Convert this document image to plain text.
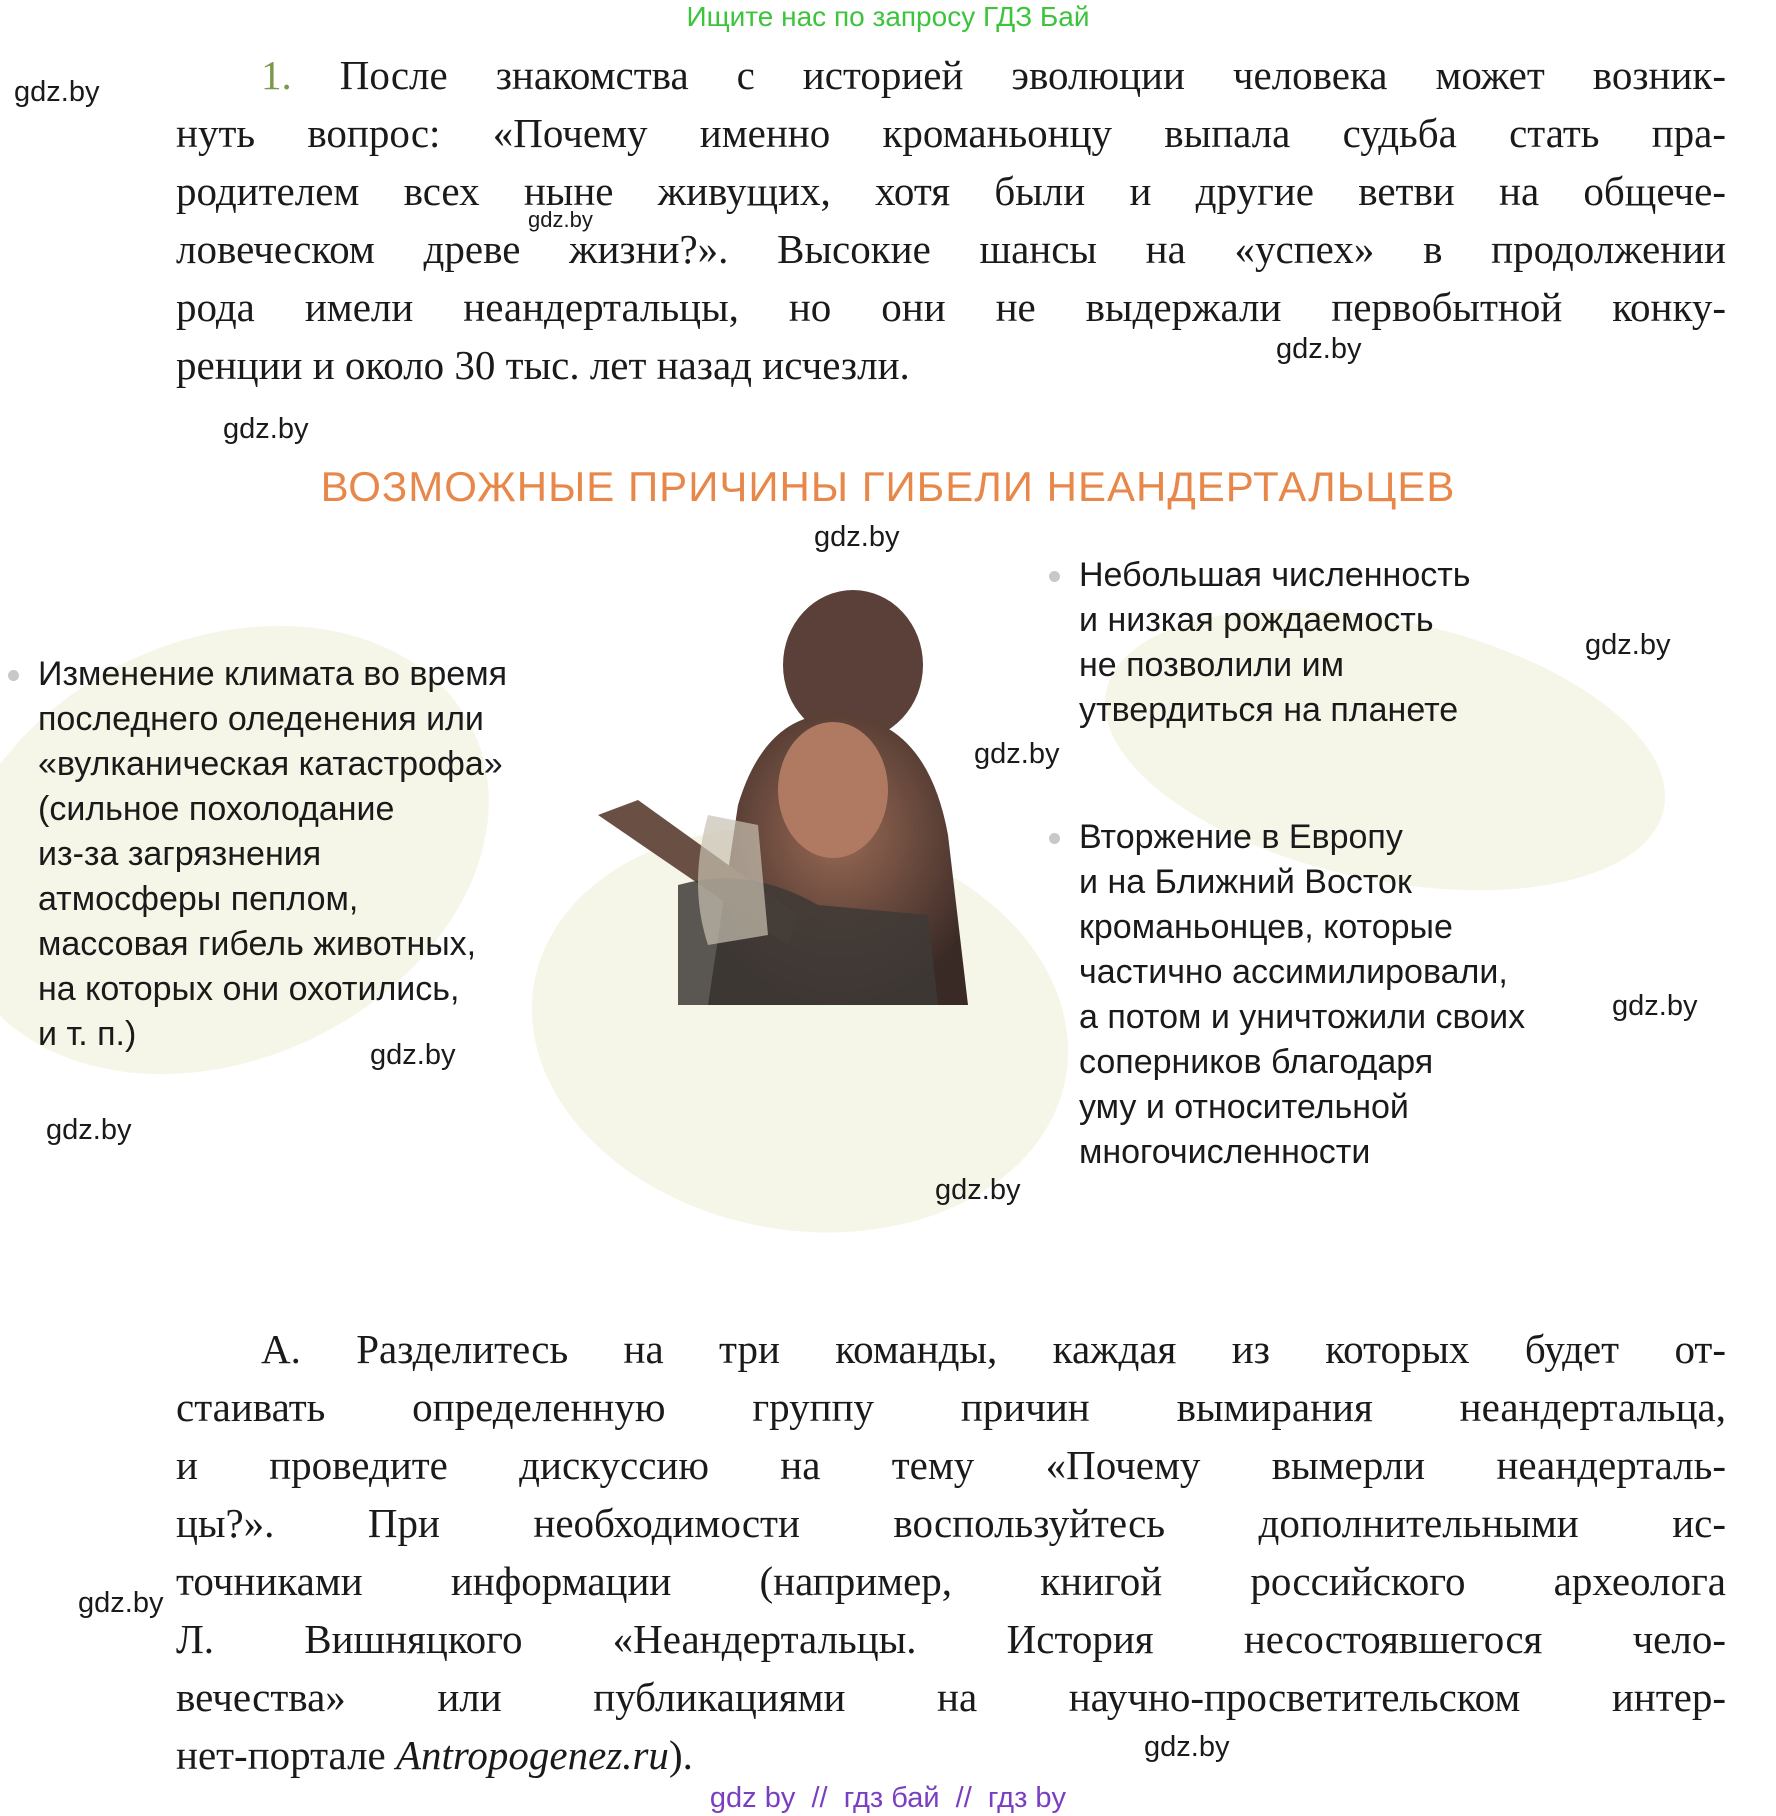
Ищите нас по запросу ГДЗ Бай
1. После знакомства с историей эволюции человека может возник-
нуть вопрос: «Почему именно кроманьонцу выпала судьба стать пра-
родителем всех ныне живущих, хотя были и другие ветви на общече-
ловеческом древе жизни?». Высокие шансы на «успех» в продолжении
рода имели неандертальцы, но они не выдержали первобытной конку-
ренции и около 30 тыс. лет назад исчезли.
ВОЗМОЖНЫЕ ПРИЧИНЫ ГИБЕЛИ НЕАНДЕРТАЛЬЦЕВ
Изменение климата во время
последнего оледенения или
«вулканическая катастрофа»
(сильное похолодание
из-за загрязнения
атмосферы пеплом,
массовая гибель животных,
на которых они охотились,
и т. п.)
Небольшая численность
и низкая рождаемость
не позволили им
утвердиться на планете
Вторжение в Европу
и на Ближний Восток
кроманьонцев, которые
частично ассимилировали,
а потом и уничтожили своих
соперников благодаря
уму и относительной
многочисленности
А. Разделитесь на три команды, каждая из которых будет от-
стаивать определенную группу причин вымирания неандертальца,
и проведите дискуссию на тему «Почему вымерли неандерталь-
цы?». При необходимости воспользуйтесь дополнительными ис-
точниками информации (например, книгой российского археолога
Л. Вишняцкого «Неандертальцы. История несостоявшегося чело-
вечества» или публикациями на научно-просветительском интер-
нет-портале Antropogenez.ru).
gdz.by
gdz.by
gdz.by
gdz.by
gdz.by
gdz.by
gdz.by
gdz.by
gdz.by
gdz.by
gdz.by
gdz.by
gdz.by
gdz by  //  гдз бай  //  гдз by
